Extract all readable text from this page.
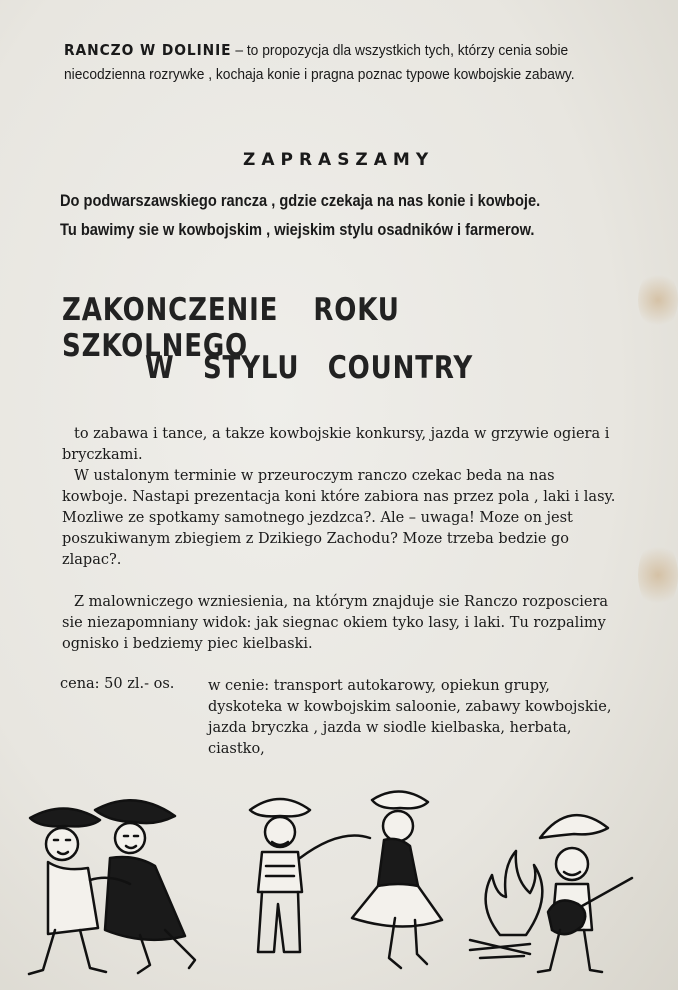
RANCZO W DOLINIE – to propozycja dla wszystkich tych, którzy cenia sobie niecodzienna rozrywke , kochaja konie i pragna poznac typowe kowbojskie zabawy.
ZAPRASZAMY
Do podwarszawskiego rancza , gdzie czekaja na nas konie i kowboje.
Tu bawimy sie w kowbojskim , wiejskim stylu osadników i farmerow.
ZAKONCZENIE ROKU SZKOLNEGO
W STYLU COUNTRY

to zabawa i tance, a takze kowbojskie konkursy, jazda w grzywie ogiera i bryczkami.

W ustalonym terminie w przeuroczym ranczo czekac beda na nas kowboje. Nastapi prezentacja koni które zabiora nas przez pola , laki i lasy. Mozliwe ze spotkamy samotnego jezdzca?. Ale – uwaga! Moze on jest poszukiwanym zbiegiem z Dzikiego Zachodu? Moze trzeba bedzie go zlapac?.

Z malowniczego wzniesienia, na którym znajduje sie Ranczo rozposciera sie niezapomniany widok: jak siegnac okiem tyko lasy, i laki. Tu rozpalimy ognisko i bedziemy piec kielbaski.

cena: 50 zl.- os. w cenie: transport autokarowy, opiekun grupy, dyskoteka w kowbojskim saloonie, zabawy kowbojskie, jazda bryczka , jazda w siodle kielbaska, herbata, ciastko,
